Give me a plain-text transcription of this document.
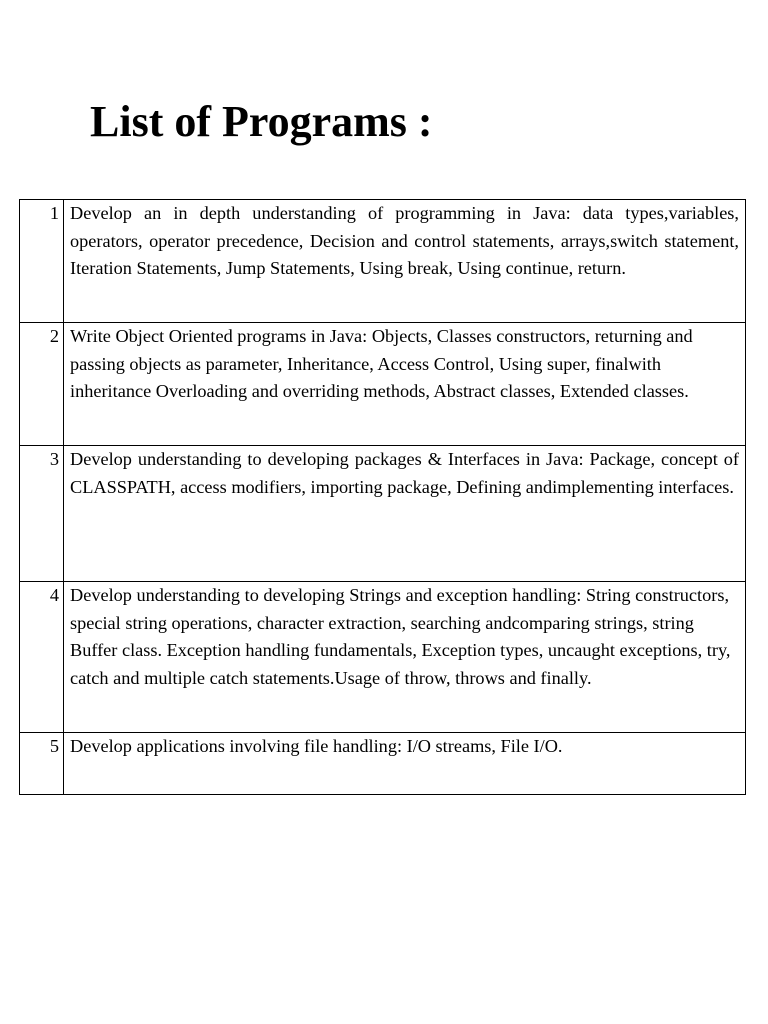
List of Programs :
1	Develop an in depth understanding of programming in Java: data types,variables, operators, operator precedence, Decision and control statements, arrays,switch statement, Iteration Statements, Jump Statements, Using break, Using continue, return.
2	Write Object Oriented programs in Java: Objects, Classes constructors, returning and passing objects as parameter, Inheritance, Access Control, Using super, finalwith inheritance Overloading and overriding methods, Abstract classes, Extended classes.
3	Develop understanding to developing packages & Interfaces in Java: Package, concept of CLASSPATH, access modifiers, importing package, Defining andimplementing interfaces.
4	Develop understanding to developing Strings and exception handling: String constructors, special string operations, character extraction, searching andcomparing strings, string Buffer class. Exception handling fundamentals, Exception types, uncaught exceptions, try, catch and multiple catch statements.Usage of throw, throws and finally.
5	Develop applications involving file handling: I/O streams, File I/O.
